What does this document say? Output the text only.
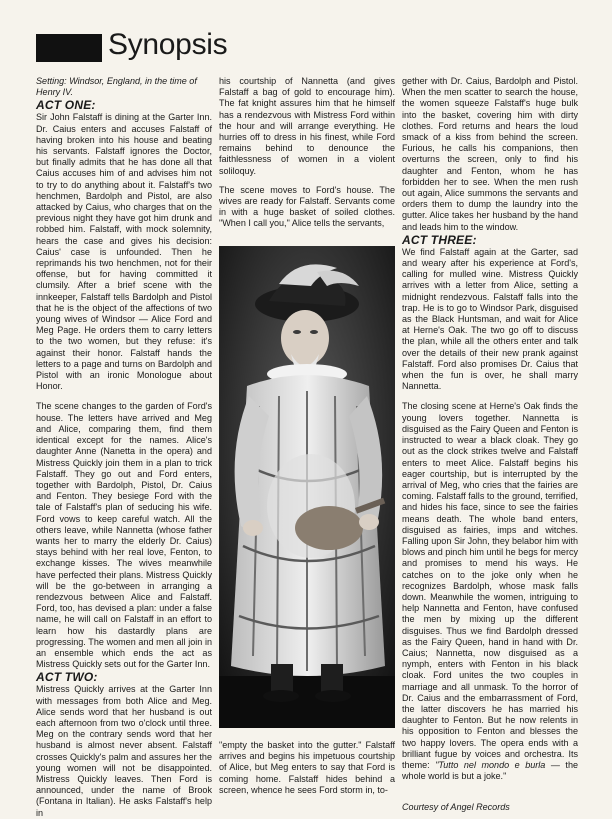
Synopsis

Setting: Windsor, England, in the time of Henry IV.

ACT ONE:

Sir John Falstaff is dining at the Garter Inn. Dr. Caius enters and accuses Falstaff of having broken into his house and beating his servants. Falstaff ignores the Doctor, but finally admits that he has done all that Caius accuses him of and advises him not to try to do anything about it. Falstaff's two henchmen, Bardolph and Pistol, are also attacked by Caius, who charges that on the previous night they have got him drunk and robbed him. Falstaff, with mock solemnity, hears the case and gives his decision: Caius' case is unfounded. Then he reprimands his two henchmen, not for their offense, but for having committed it clumsily. After a brief scene with the innkeeper, Falstaff tells Bardolph and Pistol that he is the object of the affections of two young wives of Windsor — Alice Ford and Meg Page. He orders them to carry letters to the two women, but they refuse: it's against their honor. Falstaff hands the letters to a page and turns on Bardolph and Pistol with an ironic Monologue about Honor.

The scene changes to the garden of Ford's house. The letters have arrived and Meg and Alice, comparing them, find them identical except for the names. Alice's daughter Anne (Nanetta in the opera) and Mistress Quickly join them in a plan to trick Falstaff. They go out and Ford enters, together with Bardolph, Pistol, Dr. Caius and Fenton. They besiege Ford with the tale of Falstaff's plan of seducing his wife. Ford vows to keep careful watch. All the others leave, while Nannetta (whose father wants her to marry the elderly Dr. Caius) stays behind with her real love, Fenton, to exchange kisses. The wives meanwhile have perfected their plans. Mistress Quickly will be the go-between in arranging a rendezvous between Alice and Falstaff. Ford, too, has devised a plan: under a false name, he will call on Falstaff in an effort to learn how his dastardly plans are progressing. The women and men all join in an ensemble which ends the act as Mistress Quickly sets out for the Garter Inn.

ACT TWO:

Mistress Quickly arrives at the Garter Inn with messages from both Alice and Meg. Alice sends word that her husband is out each afternoon from two o'clock until three. Meg on the contrary sends word that her husband is almost never absent. Falstaff crosses Quickly's palm and assures her the young women will not be disappointed. Mistress Quickly leaves. Then Ford is announced, under the name of Brook (Fontana in Italian). He asks Falstaff's help in

his courtship of Nannetta (and gives Falstaff a bag of gold to encourage him). The fat knight assures him that he himself has a rendezvous with Mistress Ford within the hour and will arrange everything. He hurries off to dress in his finest, while Ford remains behind to denounce the faithlessness of women in a violent soliloquy.

The scene moves to Ford's house. The wives are ready for Falstaff. Servants come in with a huge basket of soiled clothes. "When I call you," Alice tells the servants,

"empty the basket into the gutter." Falstaff arrives and begins his impetuous courtship of Alice, but Meg enters to say that Ford is coming home. Falstaff hides behind a screen, whence he sees Ford storm in, to-

gether with Dr. Caius, Bardolph and Pistol. When the men scatter to search the house, the women squeeze Falstaff's huge bulk into the basket, covering him with dirty clothes. Ford returns and hears the loud smack of a kiss from behind the screen. Furious, he calls his companions, then overturns the screen, only to find his daughter and Fenton, whom he has forbidden her to see. When the men rush out again, Alice summons the servants and orders them to dump the laundry into the gutter. Alice takes her husband by the hand and leads him to the window.

ACT THREE:

We find Falstaff again at the Garter, sad and weary after his experience at Ford's, calling for mulled wine. Mistress Quickly arrives with a letter from Alice, setting a midnight rendezvous. Falstaff falls into the trap. He is to go to Windsor Park, disguised as the Black Huntsman, and wait for Alice at Herne's Oak. The two go off to discuss the plan, while all the others enter and talk over the details of their new prank against Falstaff. Ford also promises Dr. Caius that when the fun is over, he shall marry Nannetta.

The closing scene at Herne's Oak finds the young lovers together. Nannetta is disguised as the Fairy Queen and Fenton is instructed to wear a black cloak. They go out as the clock strikes twelve and Falstaff enters to meet Alice. Falstaff begins his eager courtship, but is interrupted by the arrival of Meg, who cries that the fairies are coming. Falstaff falls to the ground, terrified, and hides his face, since to see the fairies means death. The whole band enters, disguised as fairies, imps and witches. Falling upon Sir John, they belabor him with blows and pinch him until he begs for mercy and promises to mend his ways. He catches on to the joke only when he recognizes Bardolph, whose mask falls down. Meanwhile the women, intriguing to help Nannetta and Fenton, have confused the men by mixing up the different disguises. Thus we find Bardolph dressed as the Fairy Queen, hand in hand with Dr. Caius; Nannetta, now disguised as a nymph, enters with Fenton in his black cloak. Ford unites the two couples in marriage and all unmask. To the horror of Dr. Caius and the embarrassment of Ford, the latter discovers he has married his daughter to Fenton. But he now relents in his opposition to Fenton and blesses the two happy lovers. The opera ends with a brilliant fugue by voices and orchestra. Its theme: "Tutto nel mondo e burla — the whole world is but a joke."

Courtesy of Angel Records
